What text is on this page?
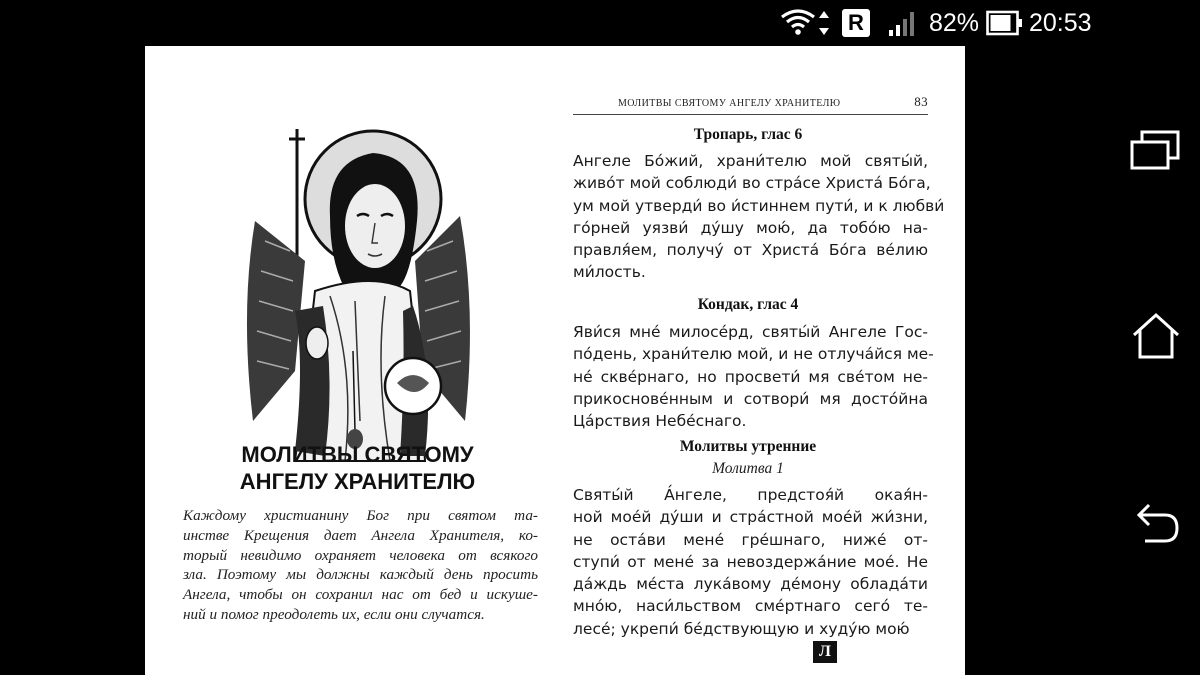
R	82% 20:53
МОЛИТВЫ СВЯТОМУ
АНГЕЛУ ХРАНИТЕЛЮ
Каждому христианину Бог при святом та-
инстве Крещения дает Ангела Хранителя, ко-
торый невидимо охраняет человека от всякого
зла. Поэтому мы должны каждый день просить
Ангела, чтобы он сохранил нас от бед и искуше-
ний и помог преодолеть их, если они случатся.
МОЛИТВЫ СВЯТОМУ АНГЕЛУ ХРАНИТЕЛЮ	83
Тропарь, глас 6
Ангеле Бо́жий, храни́телю мой святы́й,
живо́т мой соблюди́ во стра́се Христа́ Бо́га,
ум мой утверди́ во и́стиннем пути́, и к любви́
го́рней уязви́ ду́шу мою́, да тобо́ю на-
правля́ем, получу́ от Христа́ Бо́га ве́лию
ми́лость.
Кондак, глас 4
Яви́ся мне́ милосе́рд, святы́й Ангеле Гос-
по́день, храни́телю мой, и не отлуча́йся ме-
не́ скве́рнаго, но просвети́ мя све́том не-
прикоснове́нным и сотвори́ мя досто́йна
Ца́рствия Небе́снаго.
Молитвы утренние
Молитва 1
Святы́й А́нгеле, предстоя́й окая́н-
ной мое́й ду́ши и стра́стной мое́й жи́зни,
не оста́ви мене́ гре́шнаго, ниже́ от-
ступи́ от мене́ за невоздержа́ние мое́. Не
да́ждь ме́ста лука́вому де́мону облада́ти
мно́ю, наси́льством сме́ртнаго сего́ те-
лесе́; укрепи́ бе́дствующую и худу́ю мою́
Л
